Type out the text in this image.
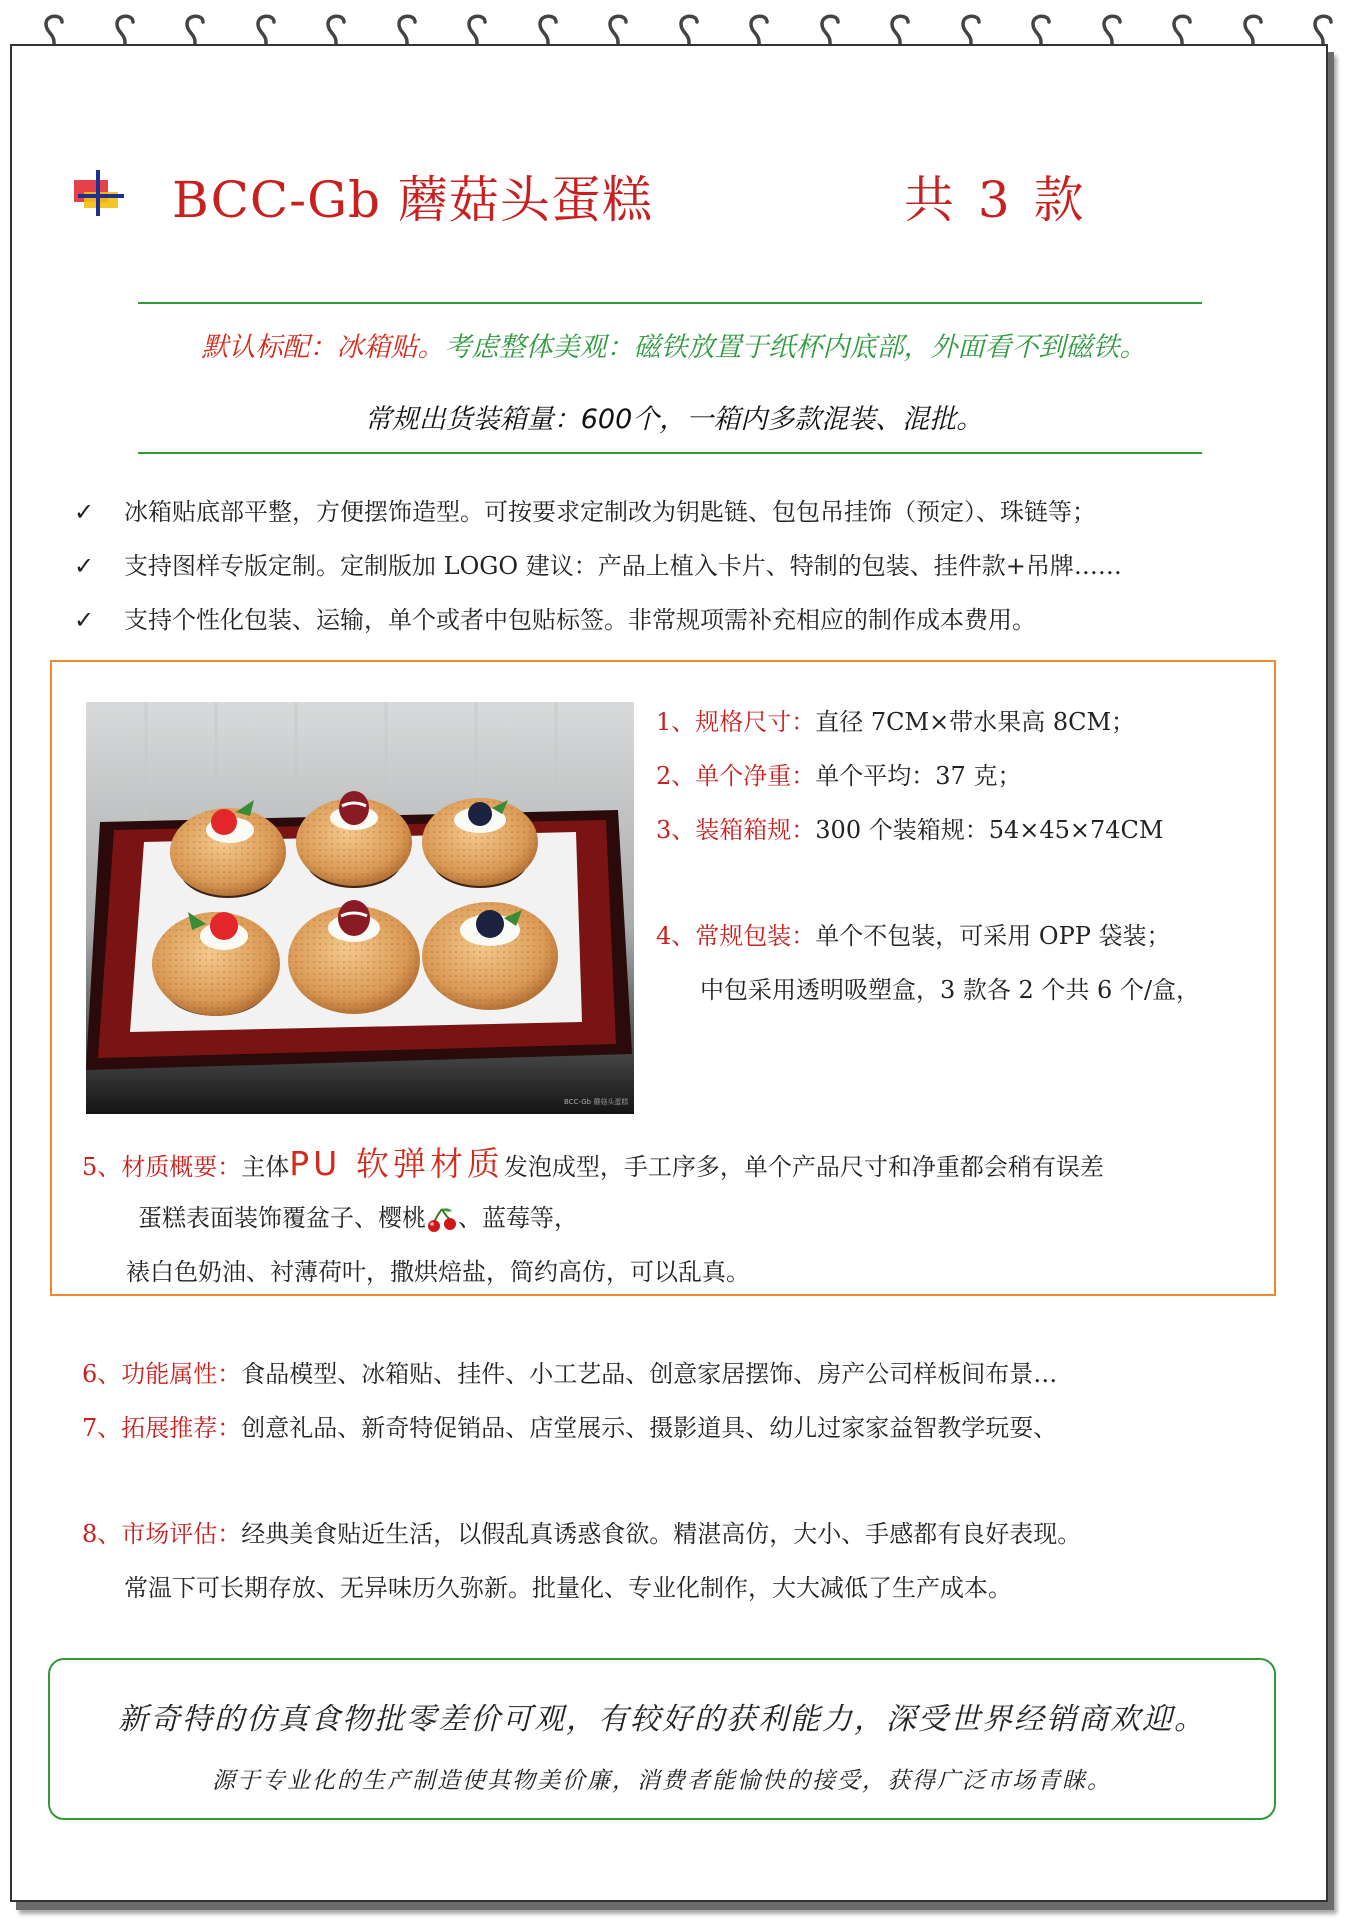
BCC-Gb 蘑菇头蛋糕	共 3 款
默认标配：冰箱贴。考虑整体美观：磁铁放置于纸杯内底部，外面看不到磁铁。
常规出货装箱量：600个，一箱内多款混装、混批。
✓	冰箱贴底部平整，方便摆饰造型。可按要求定制改为钥匙链、包包吊挂饰（预定）、珠链等；
✓	支持图样专版定制。定制版加 LOGO 建议：产品上植入卡片、特制的包装、挂件款+吊牌……
✓	支持个性化包装、运输，单个或者中包贴标签。非常规项需补充相应的制作成本费用。
BCC-Gb 蘑菇头蛋糕
1、规格尺寸：直径 7CM×带水果高 8CM；
2、单个净重：单个平均：37 克；
3、装箱箱规：300 个装箱规：54×45×74CM
4、常规包装：单个不包装，可采用 OPP 袋装；
中包采用透明吸塑盒，3 款各 2 个共 6 个/盒，
5、材质概要：主体PU 软弹材质发泡成型，手工序多，单个产品尺寸和净重都会稍有误差
蛋糕表面装饰覆盆子、樱桃 、蓝莓等，
裱白色奶油、衬薄荷叶，撒烘焙盐，简约高仿，可以乱真。
6、功能属性：食品模型、冰箱贴、挂件、小工艺品、创意家居摆饰、房产公司样板间布景…
7、拓展推荐：创意礼品、新奇特促销品、店堂展示、摄影道具、幼儿过家家益智教学玩耍、
8、市场评估：经典美食贴近生活，以假乱真诱惑食欲。精湛高仿，大小、手感都有良好表现。
常温下可长期存放、无异味历久弥新。批量化、专业化制作，大大减低了生产成本。
新奇特的仿真食物批零差价可观，有较好的获利能力，深受世界经销商欢迎。
源于专业化的生产制造使其物美价廉，消费者能愉快的接受，获得广泛市场青睐。
